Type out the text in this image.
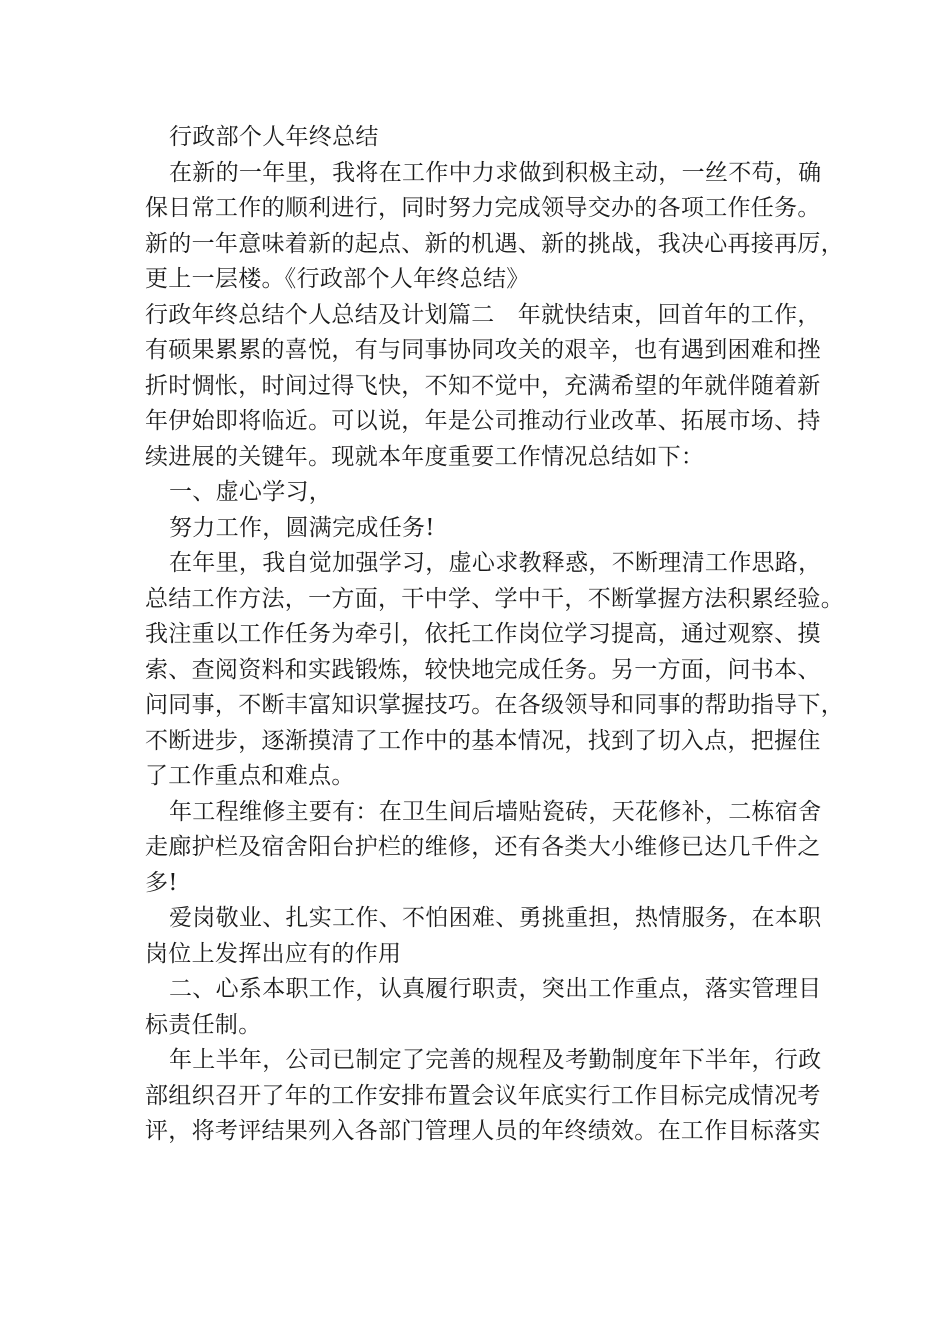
行政部个人年终总结
在新的一年里，我将在工作中力求做到积极主动，一丝不苟，确
保日常工作的顺利进行，同时努力完成领导交办的各项工作任务。
新的一年意味着新的起点、新的机遇、新的挑战，我决心再接再厉，
更上一层楼。《行政部个人年终总结》
行政年终总结个人总结及计划篇二　年就快结束，回首年的工作，
有硕果累累的喜悦，有与同事协同攻关的艰辛，也有遇到困难和挫
折时惆怅，时间过得飞快，不知不觉中，充满希望的年就伴随着新
年伊始即将临近。可以说，年是公司推动行业改革、拓展市场、持
续进展的关键年。现就本年度重要工作情况总结如下：
一、虚心学习，
努力工作，圆满完成任务!
在年里，我自觉加强学习，虚心求教释惑，不断理清工作思路，
总结工作方法，一方面，干中学、学中干，不断掌握方法积累经验。
我注重以工作任务为牵引，依托工作岗位学习提高，通过观察、摸
索、查阅资料和实践锻炼，较快地完成任务。另一方面，问书本、
问同事，不断丰富知识掌握技巧。在各级领导和同事的帮助指导下，
不断进步，逐渐摸清了工作中的基本情况，找到了切入点，把握住
了工作重点和难点。
年工程维修主要有：在卫生间后墙贴瓷砖，天花修补，二栋宿舍
走廊护栏及宿舍阳台护栏的维修，还有各类大小维修已达几千件之
多!
爱岗敬业、扎实工作、不怕困难、勇挑重担，热情服务，在本职
岗位上发挥出应有的作用
二、心系本职工作，认真履行职责，突出工作重点，落实管理目
标责任制。
年上半年，公司已制定了完善的规程及考勤制度年下半年，行政
部组织召开了年的工作安排布置会议年底实行工作目标完成情况考
评，将考评结果列入各部门管理人员的年终绩效。在工作目标落实
